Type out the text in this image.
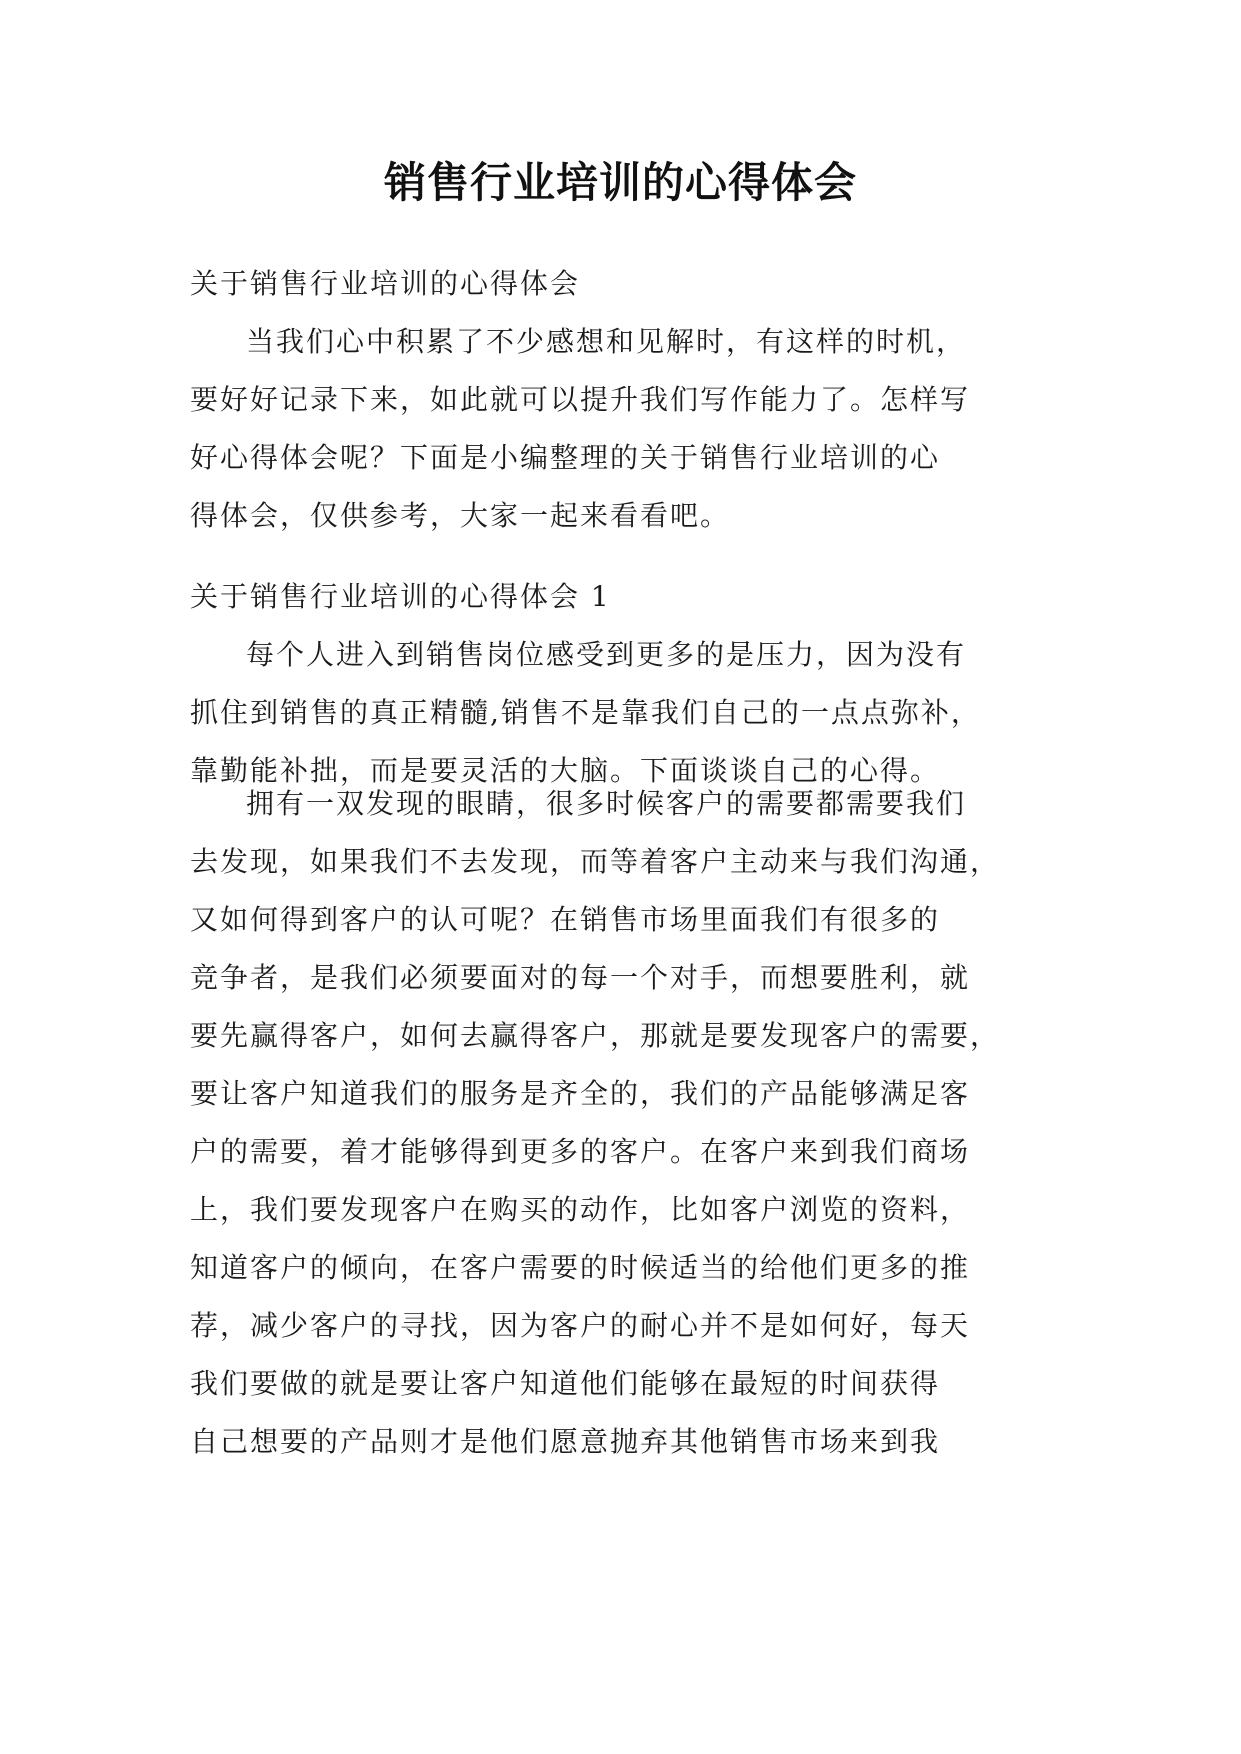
销售行业培训的心得体会
关于销售行业培训的心得体会
当我们心中积累了不少感想和见解时，有这样的时机，
要好好记录下来，如此就可以提升我们写作能力了。怎样写
好心得体会呢？下面是小编整理的关于销售行业培训的心
得体会，仅供参考，大家一起来看看吧。
关于销售行业培训的心得体会 1
每个人进入到销售岗位感受到更多的是压力，因为没有
抓住到销售的真正精髓,销售不是靠我们自己的一点点弥补，
靠勤能补拙，而是要灵活的大脑。下面谈谈自己的心得。
拥有一双发现的眼睛，很多时候客户的需要都需要我们
去发现，如果我们不去发现，而等着客户主动来与我们沟通，
又如何得到客户的认可呢？在销售市场里面我们有很多的
竞争者，是我们必须要面对的每一个对手，而想要胜利，就
要先赢得客户，如何去赢得客户，那就是要发现客户的需要，
要让客户知道我们的服务是齐全的，我们的产品能够满足客
户的需要，着才能够得到更多的客户。在客户来到我们商场
上，我们要发现客户在购买的动作，比如客户浏览的资料，
知道客户的倾向，在客户需要的时候适当的给他们更多的推
荐，减少客户的寻找，因为客户的耐心并不是如何好，每天
我们要做的就是要让客户知道他们能够在最短的时间获得
自己想要的产品则才是他们愿意抛弃其他销售市场来到我
